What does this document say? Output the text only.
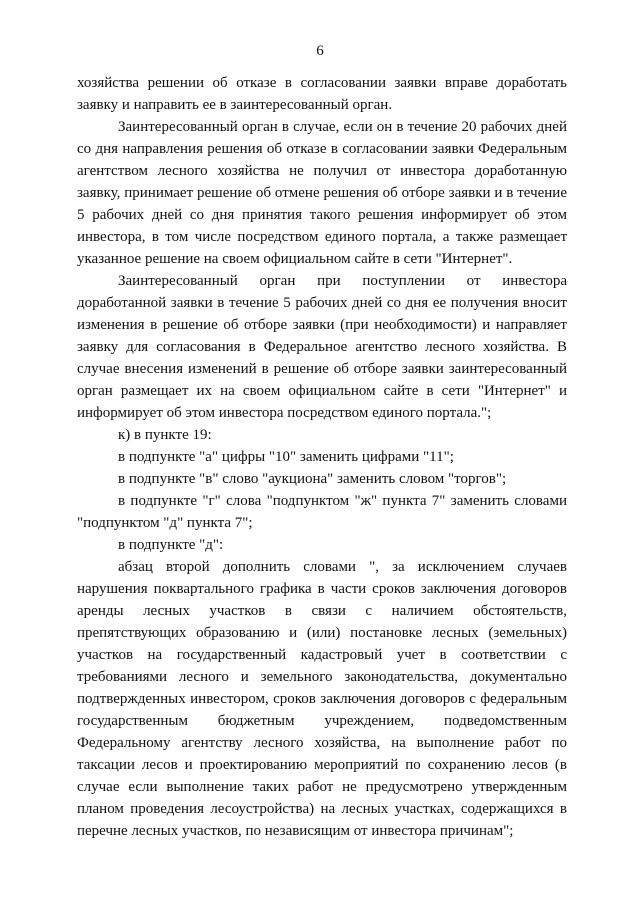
6

хозяйства решении об отказе в согласовании заявки вправе доработать заявку и направить ее в заинтересованный орган.

Заинтересованный орган в случае, если он в течение 20 рабочих дней со дня направления решения об отказе в согласовании заявки Федеральным агентством лесного хозяйства не получил от инвестора доработанную заявку, принимает решение об отмене решения об отборе заявки и в течение 5 рабочих дней со дня принятия такого решения информирует об этом инвестора, в том числе посредством единого портала, а также размещает указанное решение на своем официальном сайте в сети "Интернет".

Заинтересованный орган при поступлении от инвестора доработанной заявки в течение 5 рабочих дней со дня ее получения вносит изменения в решение об отборе заявки (при необходимости) и направляет заявку для согласования в Федеральное агентство лесного хозяйства. В случае внесения изменений в решение об отборе заявки заинтересованный орган размещает их на своем официальном сайте в сети "Интернет" и информирует об этом инвестора посредством единого портала.";

к) в пункте 19:

в подпункте "а" цифры "10" заменить цифрами "11";

в подпункте "в" слово "аукциона" заменить словом "торгов";

в подпункте "г" слова "подпунктом "ж" пункта 7" заменить словами "подпунктом "д" пункта 7";

в подпункте "д":

абзац второй дополнить словами ", за исключением случаев нарушения поквартального графика в части сроков заключения договоров аренды лесных участков в связи с наличием обстоятельств, препятствующих образованию и (или) постановке лесных (земельных) участков на государственный кадастровый учет в соответствии с требованиями лесного и земельного законодательства, документально подтвержденных инвестором, сроков заключения договоров с федеральным государственным бюджетным учреждением, подведомственным Федеральному агентству лесного хозяйства, на выполнение работ по таксации лесов и проектированию мероприятий по сохранению лесов (в случае если выполнение таких работ не предусмотрено утвержденным планом проведения лесоустройства) на лесных участках, содержащихся в перечне лесных участков, по независящим от инвестора причинам";
